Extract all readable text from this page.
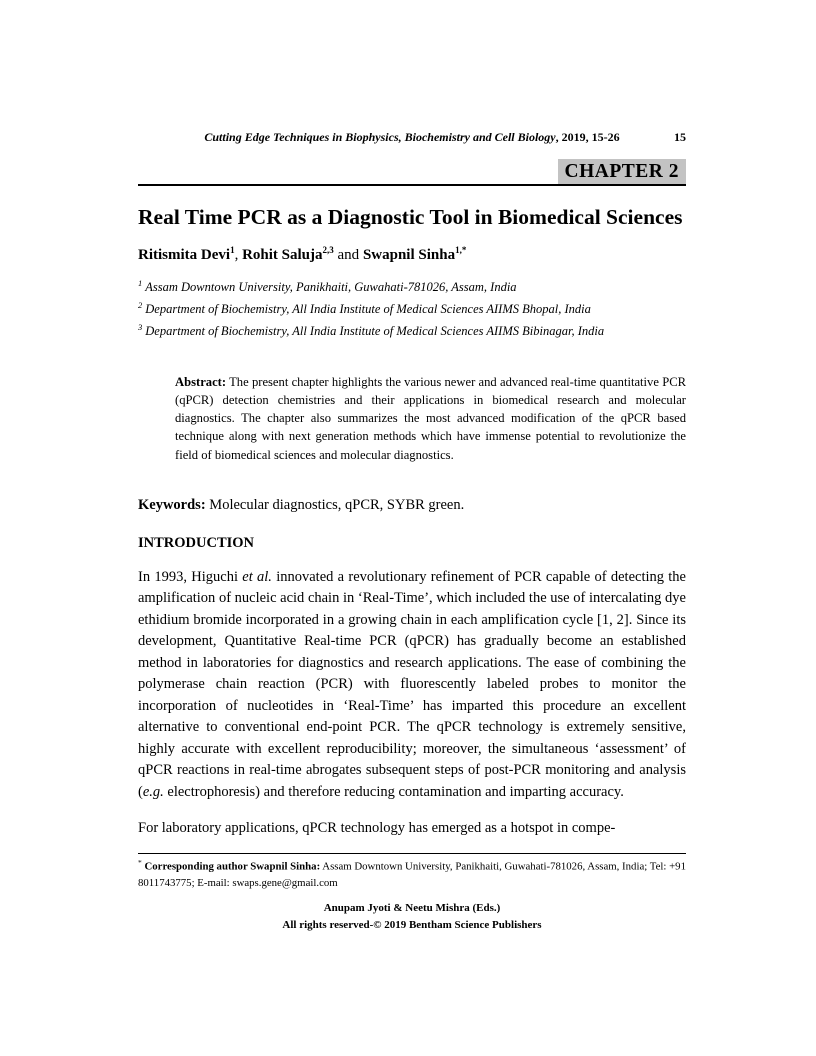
Cutting Edge Techniques in Biophysics, Biochemistry and Cell Biology, 2019, 15-26	15
CHAPTER 2
Real Time PCR as a Diagnostic Tool in Biomedical Sciences
Ritismita Devi$^1$, Rohit Saluja$^{2,3}$ and Swapnil Sinha$^{1,*}$
$^1$ Assam Downtown University, Panikhaiti, Guwahati-781026, Assam, India
$^2$ Department of Biochemistry, All India Institute of Medical Sciences AIIMS Bhopal, India
$^3$ Department of Biochemistry, All India Institute of Medical Sciences AIIMS Bibinagar, India
Abstract: The present chapter highlights the various newer and advanced real-time quantitative PCR (qPCR) detection chemistries and their applications in biomedical research and molecular diagnostics. The chapter also summarizes the most advanced modification of the qPCR based technique along with next generation methods which have immense potential to revolutionize the field of biomedical sciences and molecular diagnostics.
Keywords: Molecular diagnostics, qPCR, SYBR green.
INTRODUCTION

In 1993, Higuchi et al. innovated a revolutionary refinement of PCR capable of detecting the amplification of nucleic acid chain in ‘Real-Time’, which included the use of intercalating dye ethidium bromide incorporated in a growing chain in each amplification cycle [1, 2]. Since its development, Quantitative Real-time PCR (qPCR) has gradually become an established method in laboratories for diagnostics and research applications. The ease of combining the polymerase chain reaction (PCR) with fluorescently labeled probes to monitor the incorporation of nucleotides in ‘Real-Time’ has imparted this procedure an excellent alternative to conventional end-point PCR. The qPCR technology is extremely sensitive, highly accurate with excellent reproducibility; moreover, the simultaneous ‘assessment’ of qPCR reactions in real-time abrogates subsequent steps of post-PCR monitoring and analysis (e.g. electrophoresis) and therefore reducing contamination and imparting accuracy.

For laboratory applications, qPCR technology has emerged as a hotspot in compe-

* Corresponding author Swapnil Sinha: Assam Downtown University, Panikhaiti, Guwahati-781026, Assam, India; Tel: +91 8011743775; E-mail: swaps.gene@gmail.com

Anupam Jyoti & Neetu Mishra (Eds.)
All rights reserved-© 2019 Bentham Science Publishers
